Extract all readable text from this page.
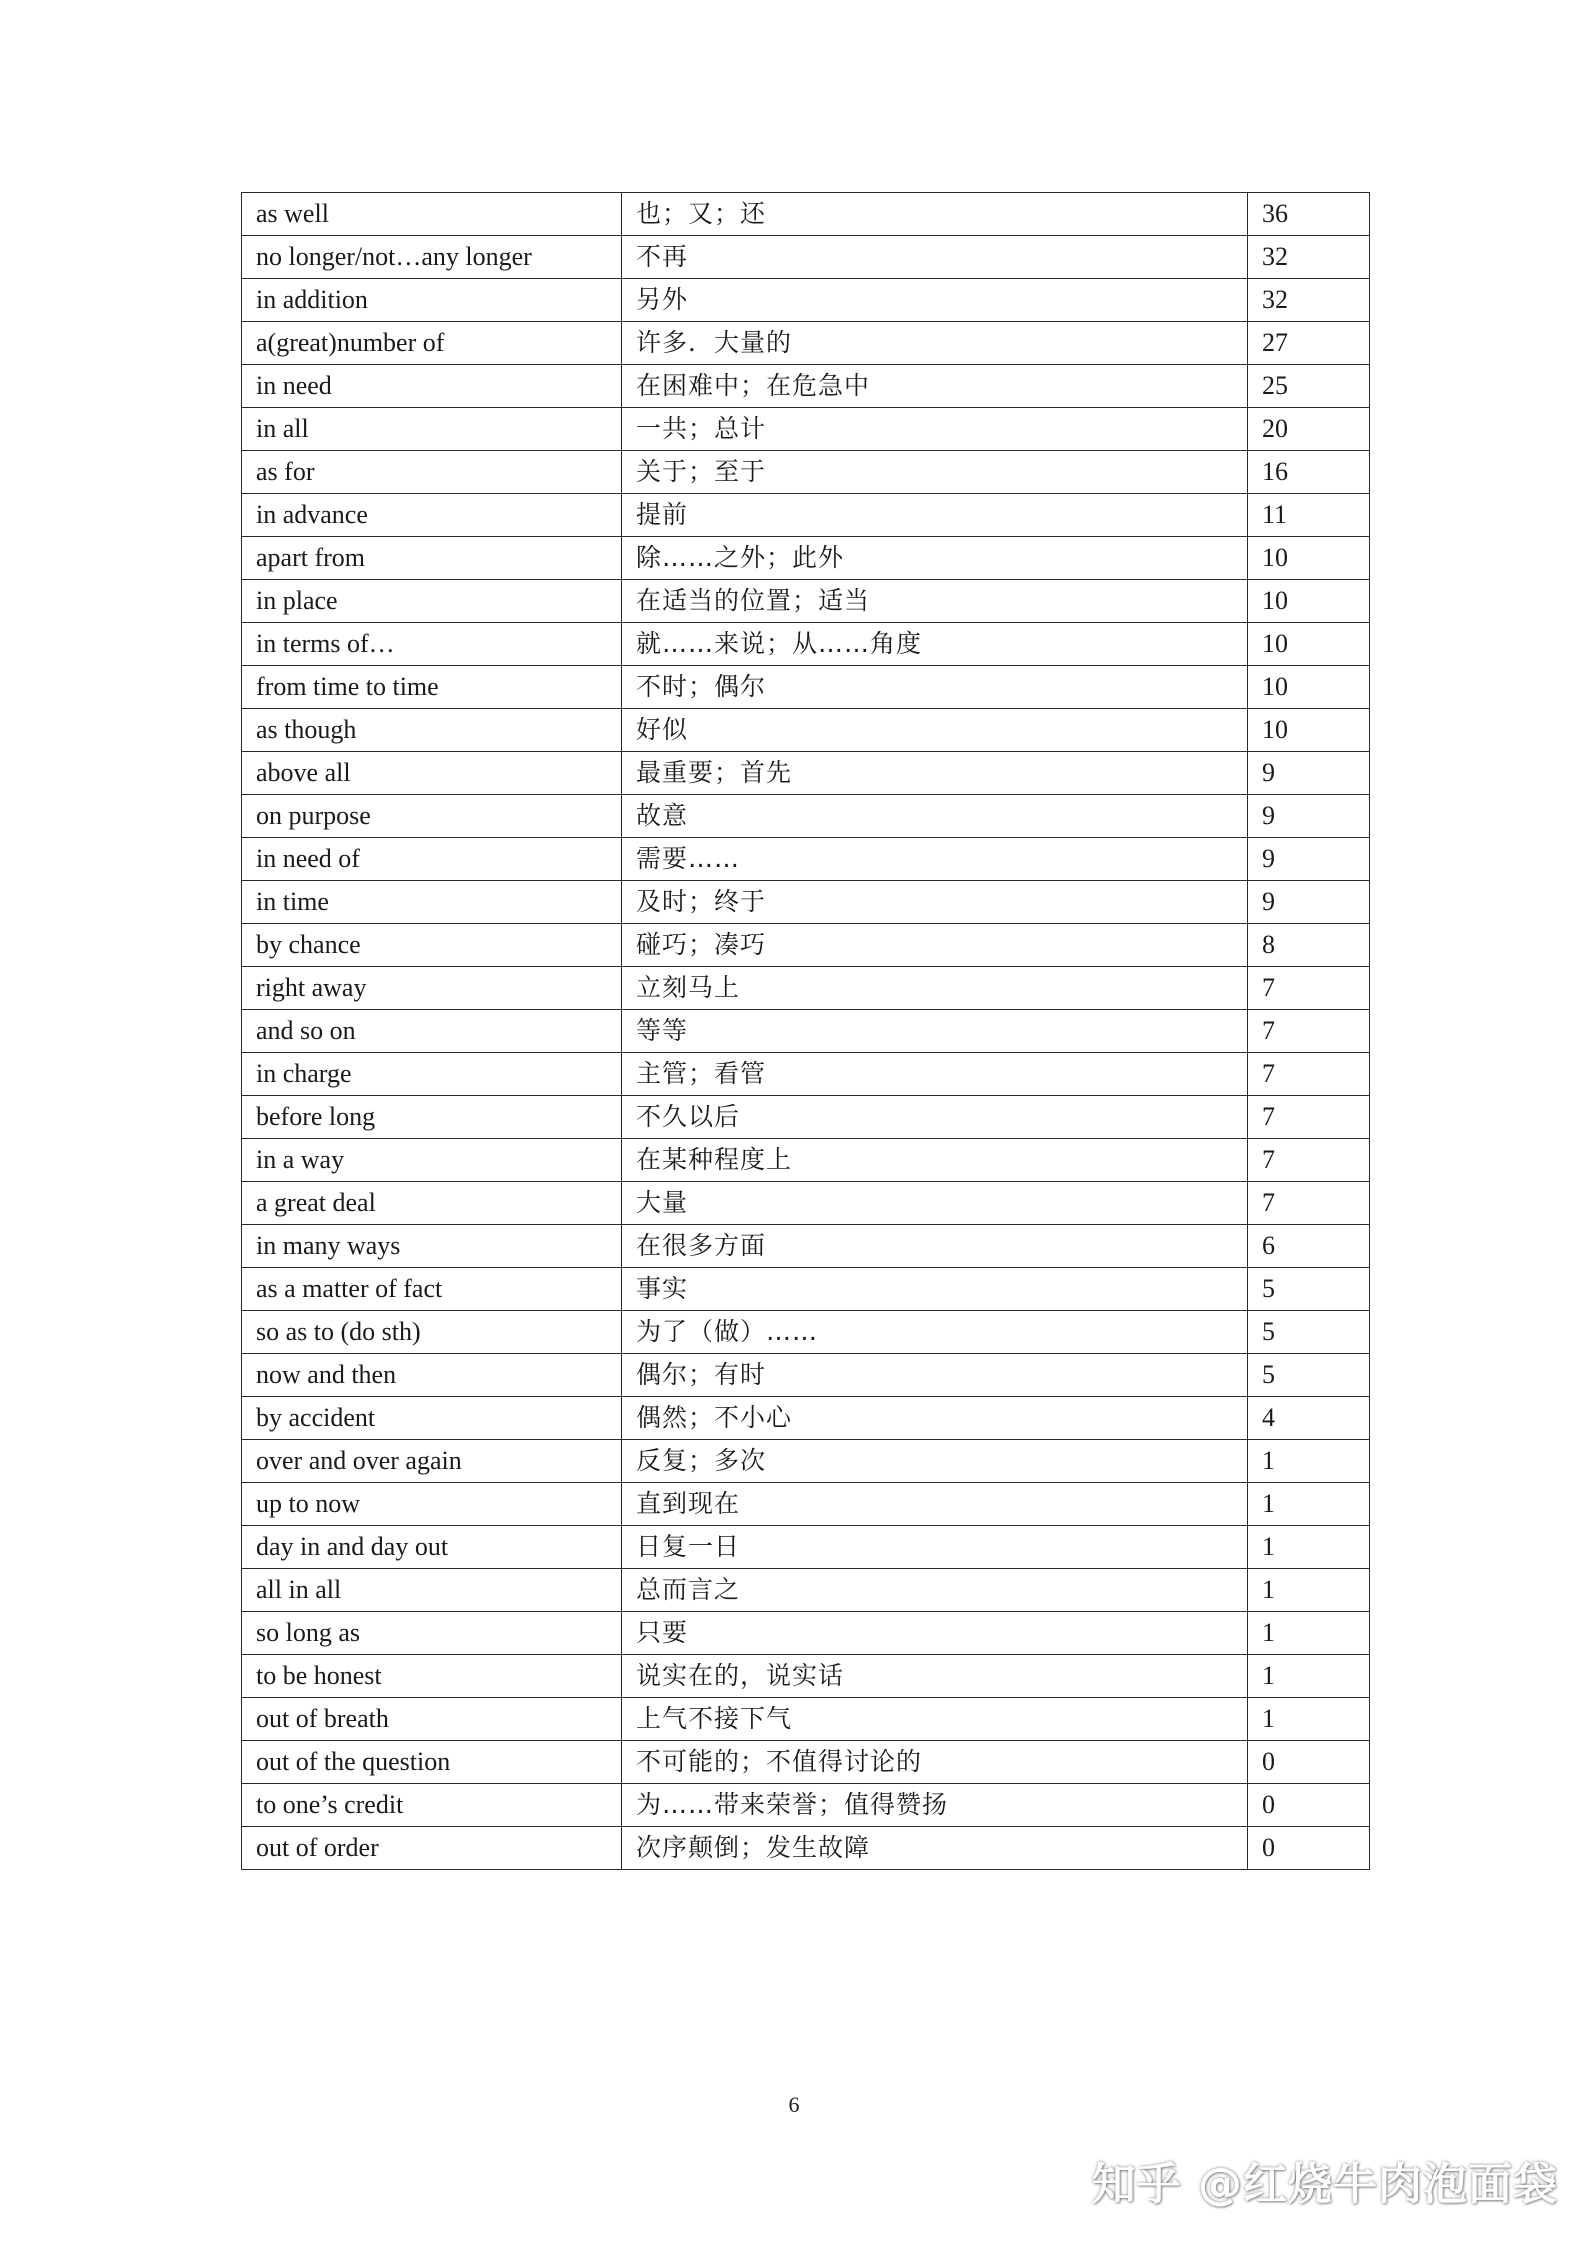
as well	也；又；还	36
no longer/not…any longer	不再	32
in addition	另外	32
a(great)number of	许多．大量的	27
in need	在困难中；在危急中	25
in all	一共；总计	20
as for	关于；至于	16
in advance	提前	11
apart from	除……之外；此外	10
in place	在适当的位置；适当	10
in terms of…	就……来说；从……角度	10
from time to time	不时；偶尔	10
as though	好似	10
above all	最重要；首先	9
on purpose	故意	9
in need of	需要……	9
in time	及时；终于	9
by chance	碰巧；凑巧	8
right away	立刻马上	7
and so on	等等	7
in charge	主管；看管	7
before long	不久以后	7
in a way	在某种程度上	7
a great deal	大量	7
in many ways	在很多方面	6
as a matter of fact	事实	5
so as to (do sth)	为了（做）……	5
now and then	偶尔；有时	5
by accident	偶然；不小心	4
over and over again	反复；多次	1
up to now	直到现在	1
day in and day out	日复一日	1
all in all	总而言之	1
so long as	只要	1
to be honest	说实在的，说实话	1
out of breath	上气不接下气	1
out of the question	不可能的；不值得讨论的	0
to one’s credit	为……带来荣誉；值得赞扬	0
out of order	次序颠倒；发生故障	0
6
知乎 @红烧牛肉泡面袋
